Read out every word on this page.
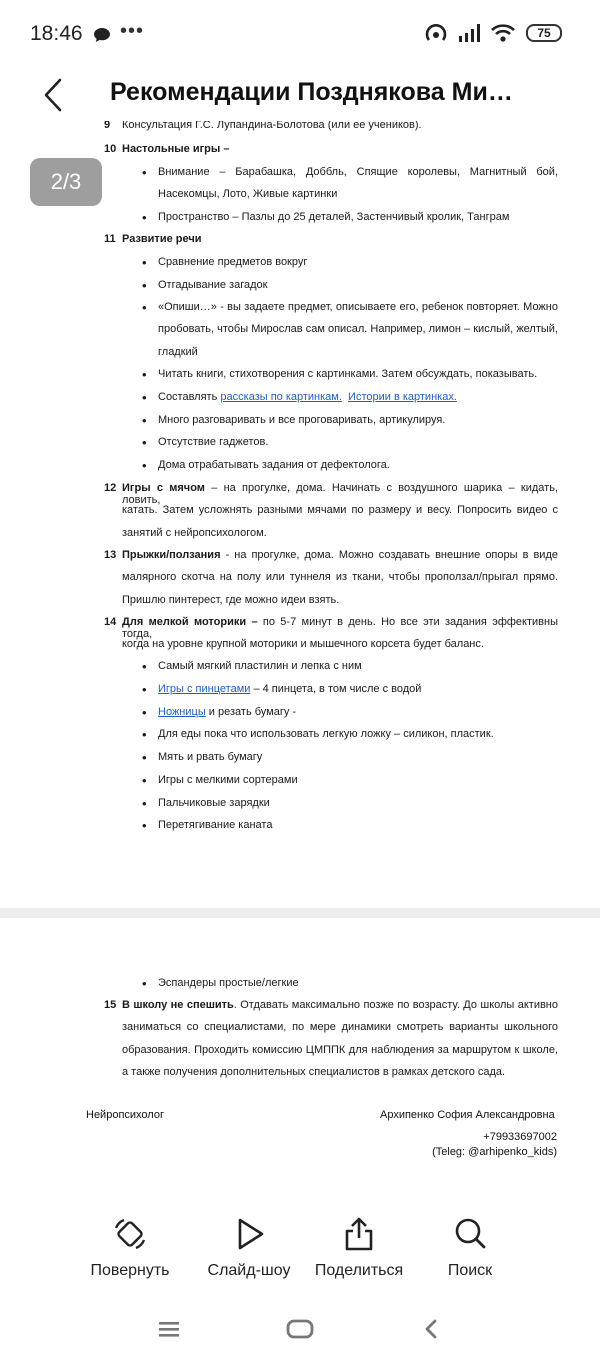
18:46 •••	75
Рекомендации Позднякова Ми…
9 Консультация Г.С. Лупандина-Болотова (или ее учеников).
10 Настольные игры –
• Внимание – Барабашка, Доббль, Спящие королевы, Магнитный бой,
Насекомцы, Лото, Живые картинки
• Пространство – Пазлы до 25 деталей, Застенчивый кролик, Танграм
11 Развитие речи
• Сравнение предметов вокруг
• Отгадывание загадок
• «Опиши…» - вы задаете предмет, описываете его, ребенок повторяет. Можно
пробовать, чтобы Мирослав сам описал. Например, лимон – кислый, желтый,
гладкий
• Читать книги, стихотворения с картинками. Затем обсуждать, показывать.
• Составлять рассказы по картинкам. Истории в картинках.
• Много разговаривать и все проговаривать, артикулируя.
• Отсутствие гаджетов.
• Дома отрабатывать задания от дефектолога.
12 Игры с мячом – на прогулке, дома. Начинать с воздушного шарика – кидать, ловить,
катать. Затем усложнять разными мячами по размеру и весу. Попросить видео с
занятий с нейропсихологом.
13 Прыжки/ползания - на прогулке, дома. Можно создавать внешние опоры в виде
малярного скотча на полу или туннеля из ткани, чтобы проползал/прыгал прямо.
Пришлю пинтерест, где можно идеи взять.
14 Для мелкой моторики – по 5-7 минут в день. Но все эти задания эффективны тогда,
когда на уровне крупной моторики и мышечного корсета будет баланс.
• Самый мягкий пластилин и лепка с ним
• Игры с пинцетами – 4 пинцета, в том числе с водой
• Ножницы и резать бумагу -
• Для еды пока что использовать легкую ложку – силикон, пластик.
• Мять и рвать бумагу
• Игры с мелкими сортерами
• Пальчиковые зарядки
• Перетягивание каната
• Эспандеры простые/легкие
15 В школу не спешить. Отдавать максимально позже по возрасту. До школы активно
заниматься со специалистами, по мере динамики смотреть варианты школьного
образования. Проходить комиссию ЦМППК для наблюдения за маршрутом к школе,
а также получения дополнительных специалистов в рамках детского сада.
Нейропсихолог	Архипенко София Александровна
+79933697002
(Teleg: @arhipenko_kids)
2/3
Повернуть	Слайд-шоу	Поделиться	Поиск
